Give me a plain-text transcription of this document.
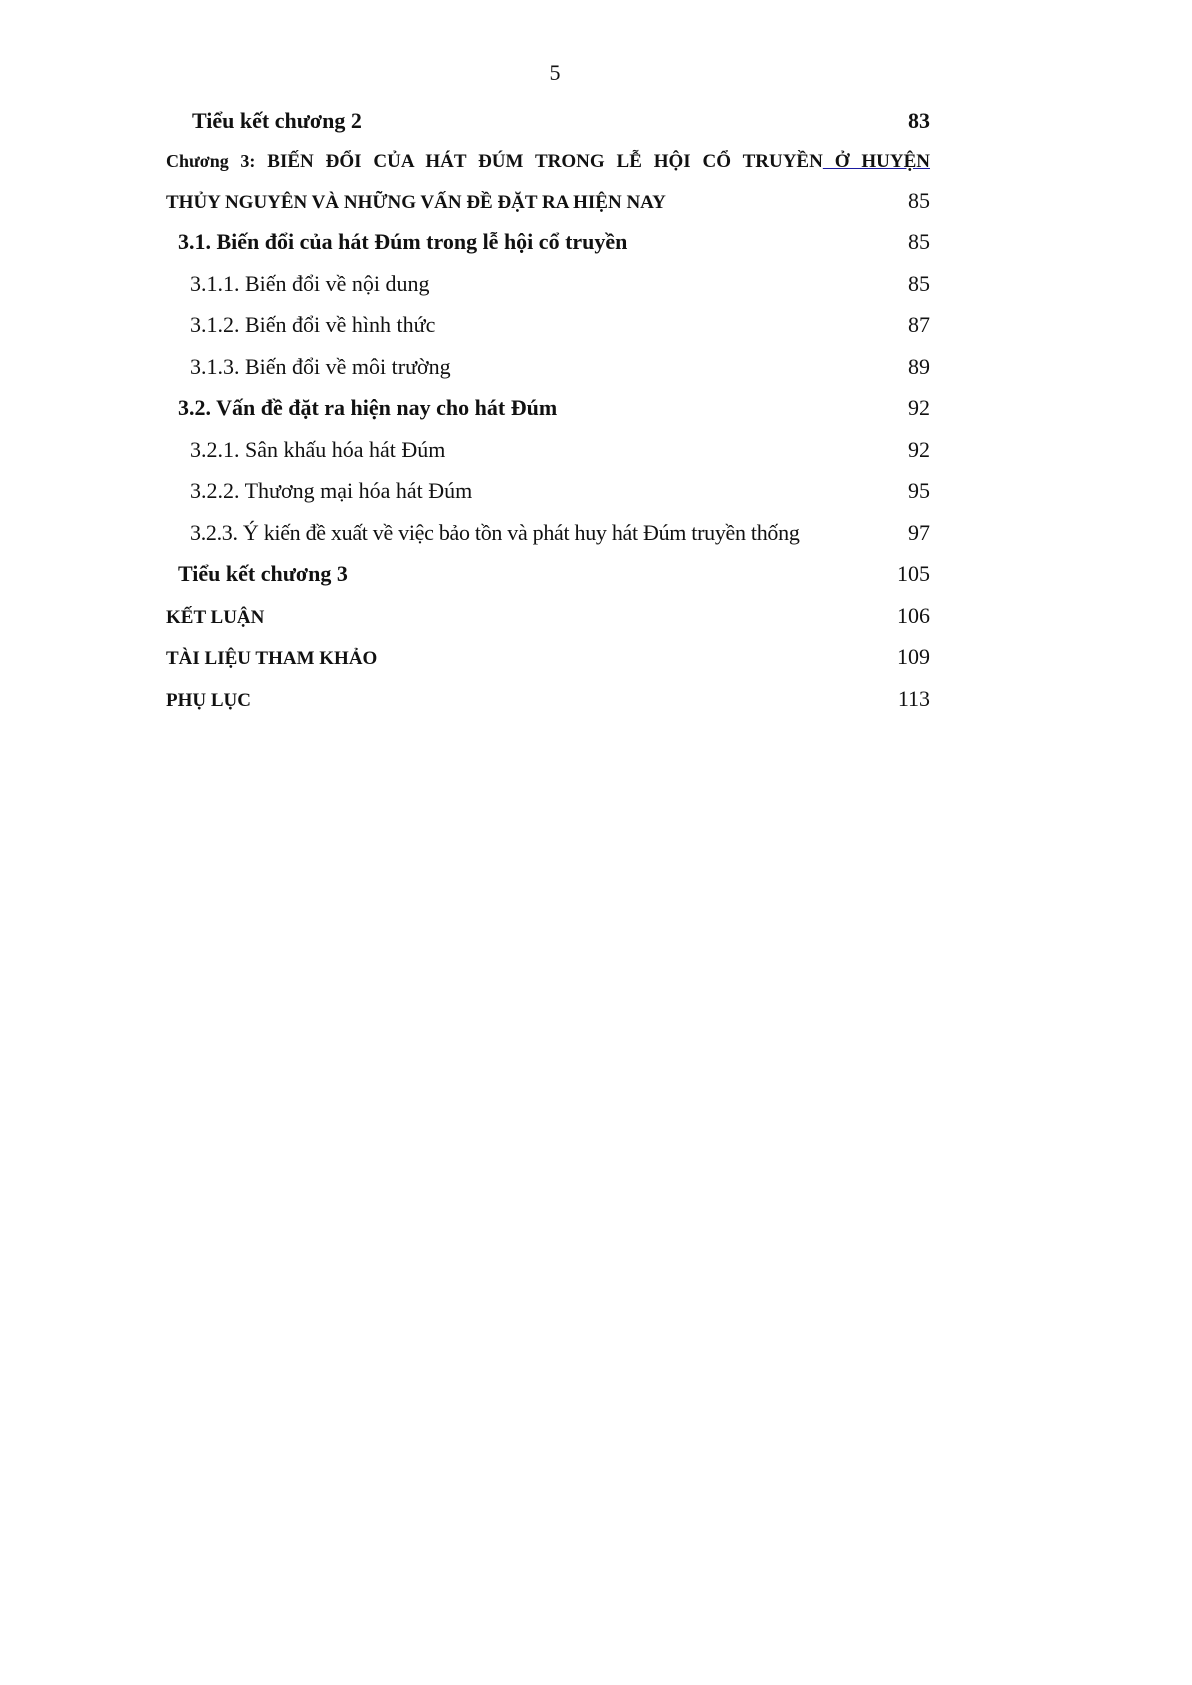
5
Tiểu kết chương 2	83
Chương 3: BIẾN ĐỔI CỦA HÁT ĐÚM TRONG LỄ HỘI CỔ TRUYỀN Ở HUYỆN
THỦY NGUYÊN VÀ NHỮNG VẤN ĐỀ ĐẶT RA HIỆN NAY	85
3.1. Biến đổi của hát Đúm trong lễ hội cổ truyền	85
3.1.1. Biến đổi về nội dung	85
3.1.2. Biến đổi về hình thức	87
3.1.3. Biến đổi về môi trường	89
3.2. Vấn đề đặt ra hiện nay cho hát Đúm	92
3.2.1. Sân khấu hóa hát Đúm	92
3.2.2. Thương mại hóa hát Đúm	95
3.2.3. Ý kiến đề xuất về việc bảo tồn và phát huy hát Đúm truyền thống	97
Tiểu kết chương 3	105
KẾT LUẬN	106
TÀI LIỆU THAM KHẢO	109
PHỤ LỤC	113
